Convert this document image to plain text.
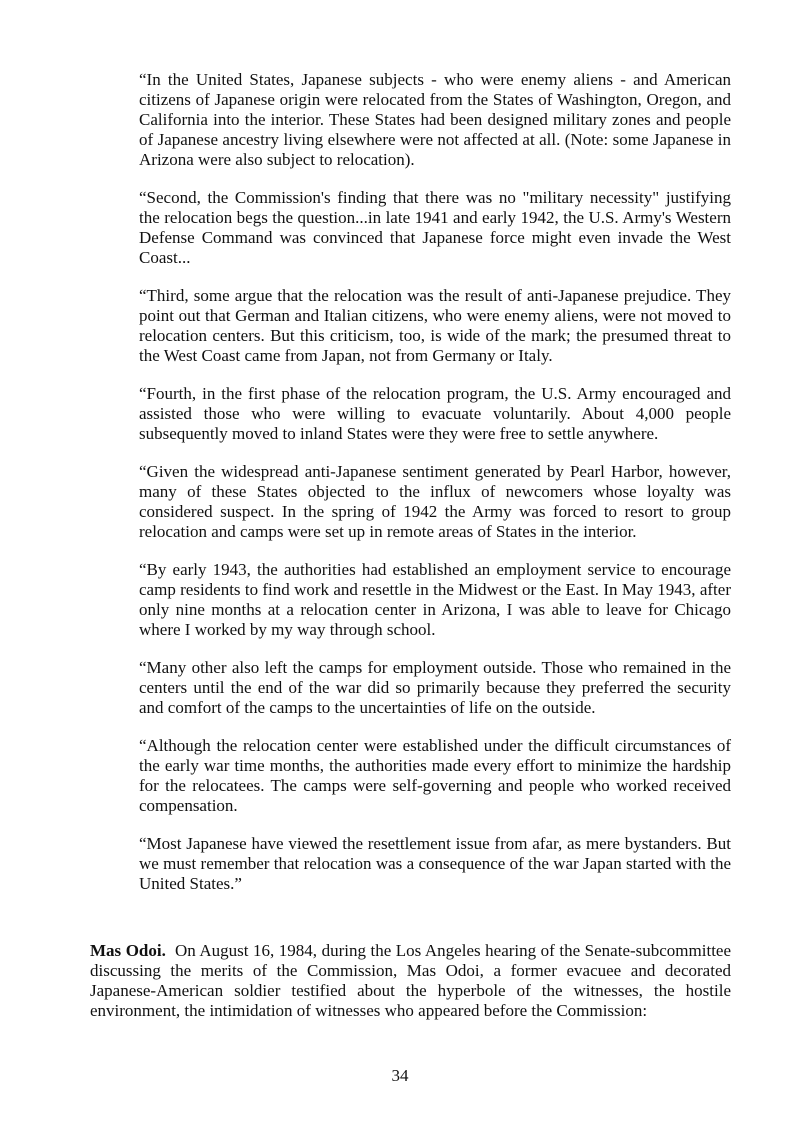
“In the United States, Japanese subjects - who were enemy aliens - and American citizens of Japanese origin were relocated from the States of Washington, Oregon, and California into the interior. These States had been designed military zones and people of Japanese ancestry living elsewhere were not affected at all. (Note: some Japanese in Arizona were also subject to relocation).

“Second, the Commission's finding that there was no "military necessity" justifying the relocation begs the question...in late 1941 and early 1942, the U.S. Army's Western Defense Command was convinced that Japanese force might even invade the West Coast...

“Third, some argue that the relocation was the result of anti-Japanese prejudice. They point out that German and Italian citizens, who were enemy aliens, were not moved to relocation centers. But this criticism, too, is wide of the mark; the presumed threat to the West Coast came from Japan, not from Germany or Italy.

“Fourth, in the first phase of the relocation program, the U.S. Army encouraged and assisted those who were willing to evacuate voluntarily. About 4,000 people subsequently moved to inland States were they were free to settle anywhere.

“Given the widespread anti-Japanese sentiment generated by Pearl Harbor, however, many of these States objected to the influx of newcomers whose loyalty was considered suspect. In the spring of 1942 the Army was forced to resort to group relocation and camps were set up in remote areas of States in the interior.

“By early 1943, the authorities had established an employment service to encourage camp residents to find work and resettle in the Midwest or the East. In May 1943, after only nine months at a relocation center in Arizona, I was able to leave for Chicago where I worked by my way through school.

“Many other also left the camps for employment outside. Those who remained in the centers until the end of the war did so primarily because they preferred the security and comfort of the camps to the uncertainties of life on the outside.

“Although the relocation center were established under the difficult circumstances of the early war time months, the authorities made every effort to minimize the hardship for the relocatees. The camps were self-governing and people who worked received compensation.

“Most Japanese have viewed the resettlement issue from afar, as mere bystanders. But we must remember that relocation was a consequence of the war Japan started with the United States.”

Mas Odoi. On August 16, 1984, during the Los Angeles hearing of the Senate-subcommittee discussing the merits of the Commission, Mas Odoi, a former evacuee and decorated Japanese-American soldier testified about the hyperbole of the witnesses, the hostile environment, the intimidation of witnesses who appeared before the Commission:

34
